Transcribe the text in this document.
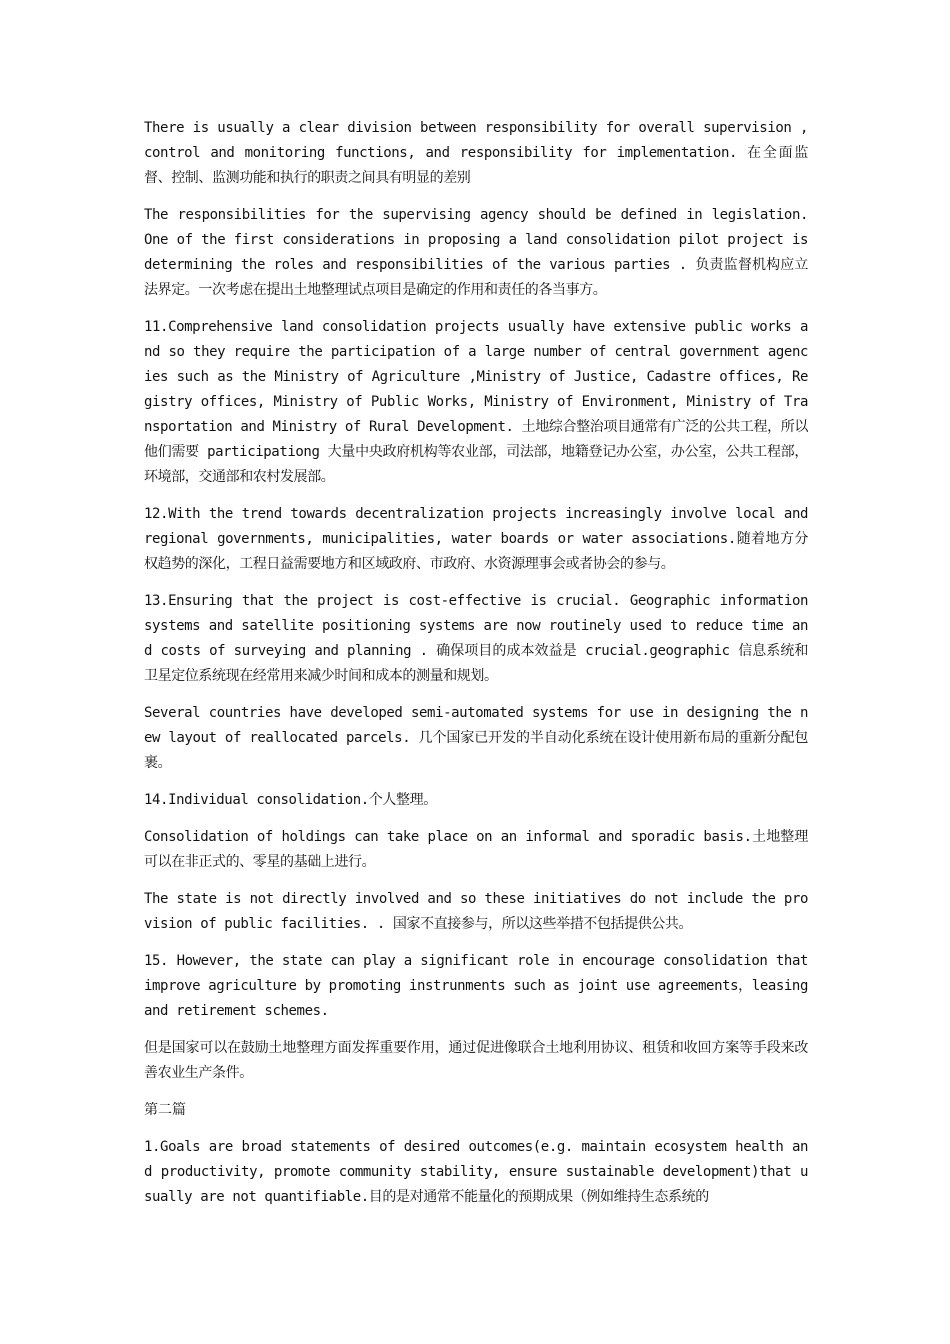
There is usually a clear division between responsibility for overall supervision ,control and monitoring functions, and responsibility for implementation. 在全面监督、控制、监测功能和执行的职责之间具有明显的差别

The responsibilities for the supervising agency should be defined in legislation. One of the first considerations in proposing a land consolidation pilot project is determining the roles and responsibilities of the various parties . 负责监督机构应立法界定。一次考虑在提出土地整理试点项目是确定的作用和责任的各当事方。

11.Comprehensive land consolidation projects usually have extensive public works and so they require the participation of a large number of central government agencies such as the Ministry of Agriculture ,Ministry of Justice, Cadastre offices, Registry offices, Ministry of Public Works, Ministry of Environment, Ministry of Transportation and Ministry of Rural Development. 土地综合整治项目通常有广泛的公共工程，所以他们需要 participationg 大量中央政府机构等农业部，司法部，地籍登记办公室，办公室，公共工程部，环境部，交通部和农村发展部。

12.With the trend towards decentralization projects increasingly involve local and regional governments, municipalities, water boards or water associations.随着地方分权趋势的深化，工程日益需要地方和区域政府、市政府、水资源理事会或者协会的参与。

13.Ensuring that the project is cost-effective is crucial. Geographic information systems and satellite positioning systems are now routinely used to reduce time and costs of surveying and planning . 确保项目的成本效益是 crucial.geographic 信息系统和卫星定位系统现在经常用来减少时间和成本的测量和规划。

Several countries have developed semi-automated systems for use in designing the new layout of reallocated parcels. 几个国家已开发的半自动化系统在设计使用新布局的重新分配包裹。

14.Individual consolidation.个人整理。

Consolidation of holdings can take place on an informal and sporadic basis.土地整理可以在非正式的、零星的基础上进行。

The state is not directly involved and so these initiatives do not include the provision of public facilities. . 国家不直接参与，所以这些举措不包括提供公共。

15. However, the state can play a significant role in encourage consolidation that improve agriculture by promoting instrunments such as joint use agreements，leasing and retirement schemes.

但是国家可以在鼓励土地整理方面发挥重要作用，通过促进像联合土地利用协议、租赁和收回方案等手段来改善农业生产条件。

第二篇

1.Goals are broad statements of desired outcomes(e.g. maintain ecosystem health and productivity, promote community stability, ensure sustainable development)that usually are not quantifiable.目的是对通常不能量化的预期成果（例如维持生态系统的
